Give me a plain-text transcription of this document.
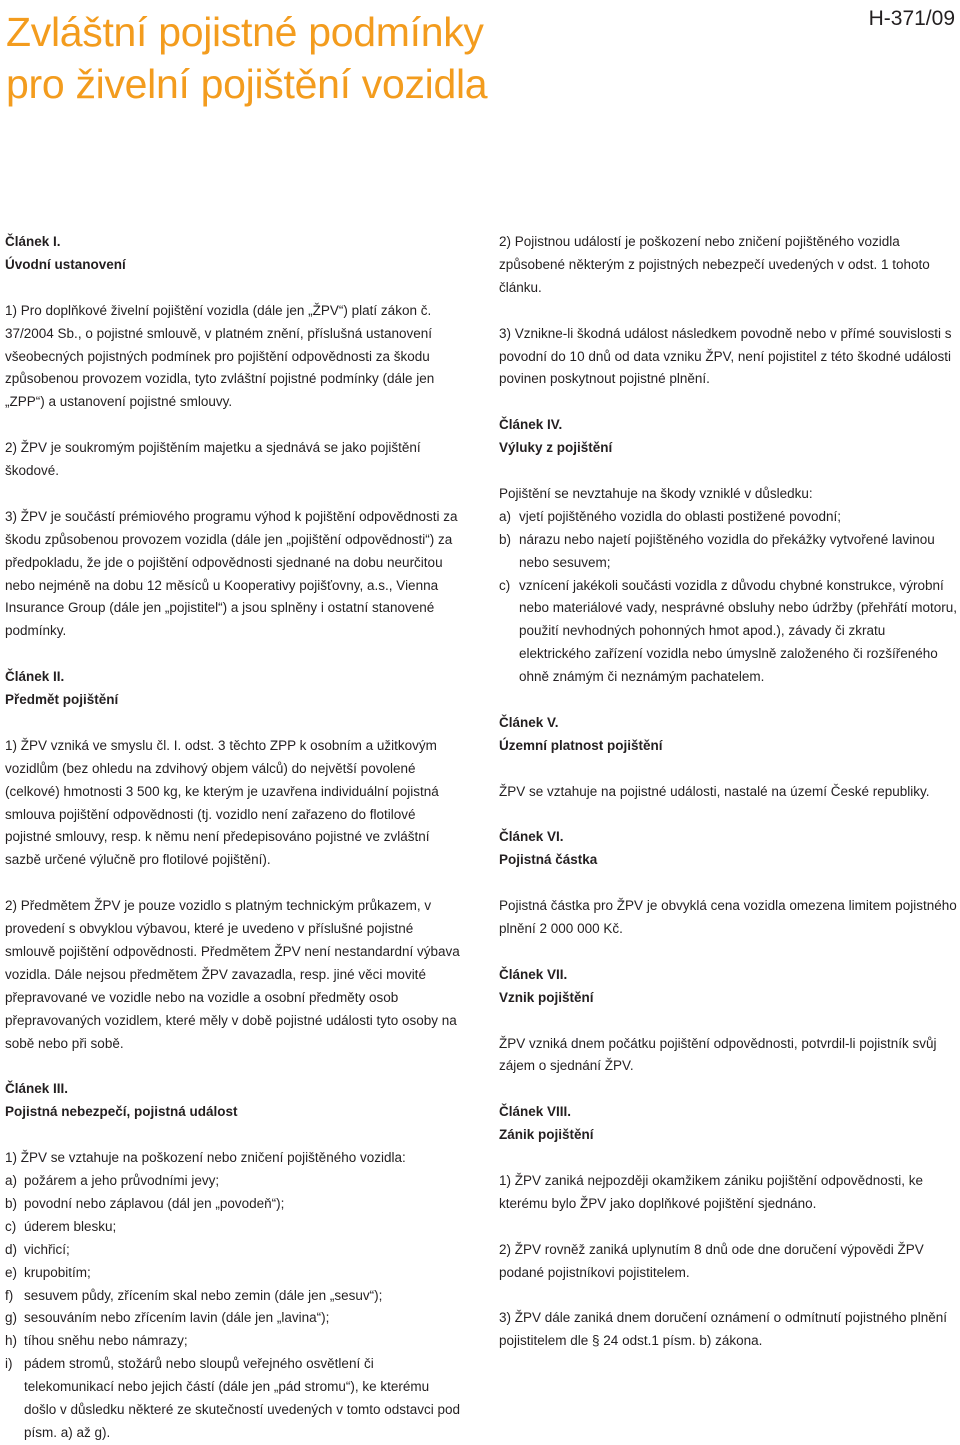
Zvláštní pojistné podmínky
pro živelní pojištění vozidla
H-371/09

Článek I.

Úvodní ustanovení

1) Pro doplňkové živelní pojištění vozidla (dále jen „ŽPV“) platí zákon č. 37/2004 Sb., o pojistné smlouvě, v platném znění, příslušná ustanovení všeobecných pojistných podmínek pro pojištění odpovědnosti za škodu způsobenou provozem vozidla, tyto zvláštní pojistné podmínky (dále jen „ZPP“) a ustanovení pojistné smlouvy.

2) ŽPV je soukromým pojištěním majetku a sjednává se jako pojištění škodové.

3) ŽPV je součástí prémiového programu výhod k pojištění odpovědnosti za škodu způsobenou provozem vozidla (dále jen „pojištění odpovědnosti“) za předpokladu, že jde o pojištění odpovědnosti sjednané na dobu neurčitou nebo nejméně na dobu 12 měsíců u Kooperativy pojišťovny, a.s., Vienna Insurance Group (dále jen „pojistitel“) a jsou splněny i ostatní stanovené podmínky.

Článek II.

Předmět pojištění

1) ŽPV vzniká ve smyslu čl. I. odst. 3 těchto ZPP k osobním a užitkovým vozidlům (bez ohledu na zdvihový objem válců) do největší povolené (celkové) hmotnosti 3 500 kg, ke kterým je uzavřena individuální pojistná smlouva pojištění odpovědnosti (tj. vozidlo není zařazeno do flotilové pojistné smlouvy, resp. k němu není předepisováno pojistné ve zvláštní sazbě určené výlučně pro flotilové pojištění).

2) Předmětem ŽPV je pouze vozidlo s platným technickým průkazem, v provedení s obvyklou výbavou, které je uvedeno v příslušné pojistné smlouvě pojištění odpovědnosti. Předmětem ŽPV není nestandardní výbava vozidla. Dále nejsou předmětem ŽPV zavazadla, resp. jiné věci movité přepravované ve vozidle nebo na vozidle a osobní předměty osob přepravovaných vozidlem, které měly v době pojistné události tyto osoby na sobě nebo při sobě.

Článek III.

Pojistná nebezpečí, pojistná událost

1) ŽPV se vztahuje na poškození nebo zničení pojištěného vozidla:

a) požárem a jeho průvodními jevy;
b) povodní nebo záplavou (dál jen „povodeň“);
c) úderem blesku;
d) vichřicí;
e) krupobitím;
f) sesuvem půdy, zřícením skal nebo zemin (dále jen „sesuv“);
g) sesouváním nebo zřícením lavin (dále jen „lavina“);
h) tíhou sněhu nebo námrazy;
i) pádem stromů, stožárů nebo sloupů veřejného osvětlení či telekomunikací nebo jejich částí (dále jen „pád stromu“), ke kterému došlo v důsledku některé ze skutečností uvedených v tomto odstavci pod písm. a) až g).

2) Pojistnou událostí je poškození nebo zničení pojištěného vozidla způsobené některým z pojistných nebezpečí uvedených v odst. 1 tohoto článku.

3) Vznikne-li škodná událost následkem povodně nebo v přímé souvislosti s povodní do 10 dnů od data vzniku ŽPV, není pojistitel z této škodné události povinen poskytnout pojistné plnění.

Článek IV.

Výluky z pojištění

Pojištění se nevztahuje na škody vzniklé v důsledku:

a) vjetí pojištěného vozidla do oblasti postižené povodní;
b) nárazu nebo najetí pojištěného vozidla do překážky vytvořené lavinou nebo sesuvem;
c) vznícení jakékoli součásti vozidla z důvodu chybné konstrukce, výrobní nebo materiálové vady, nesprávné obsluhy nebo údržby (přehřátí motoru, použití nevhodných pohonných hmot apod.), závady či zkratu elektrického zařízení vozidla nebo úmyslně založeného či rozšířeného ohně známým či neznámým pachatelem.

Článek V.

Územní platnost pojištění

ŽPV se vztahuje na pojistné události, nastalé na území České republiky.

Článek VI.

Pojistná částka

Pojistná částka pro ŽPV je obvyklá cena vozidla omezena limitem pojistného plnění 2 000 000 Kč.

Článek VII.

Vznik pojištění

ŽPV vzniká dnem počátku pojištění odpovědnosti, potvrdil-li pojistník svůj zájem o sjednání ŽPV.

Článek VIII.

Zánik pojištění

1) ŽPV zaniká nejpozději okamžikem zániku pojištění odpovědnosti, ke kterému bylo ŽPV jako doplňkové pojištění sjednáno.

2) ŽPV rovněž zaniká uplynutím 8 dnů ode dne doručení výpovědi ŽPV podané pojistníkovi pojistitelem.

3) ŽPV dále zaniká dnem doručení oznámení o odmítnutí pojistného plnění pojistitelem dle § 24 odst.1 písm. b) zákona.
